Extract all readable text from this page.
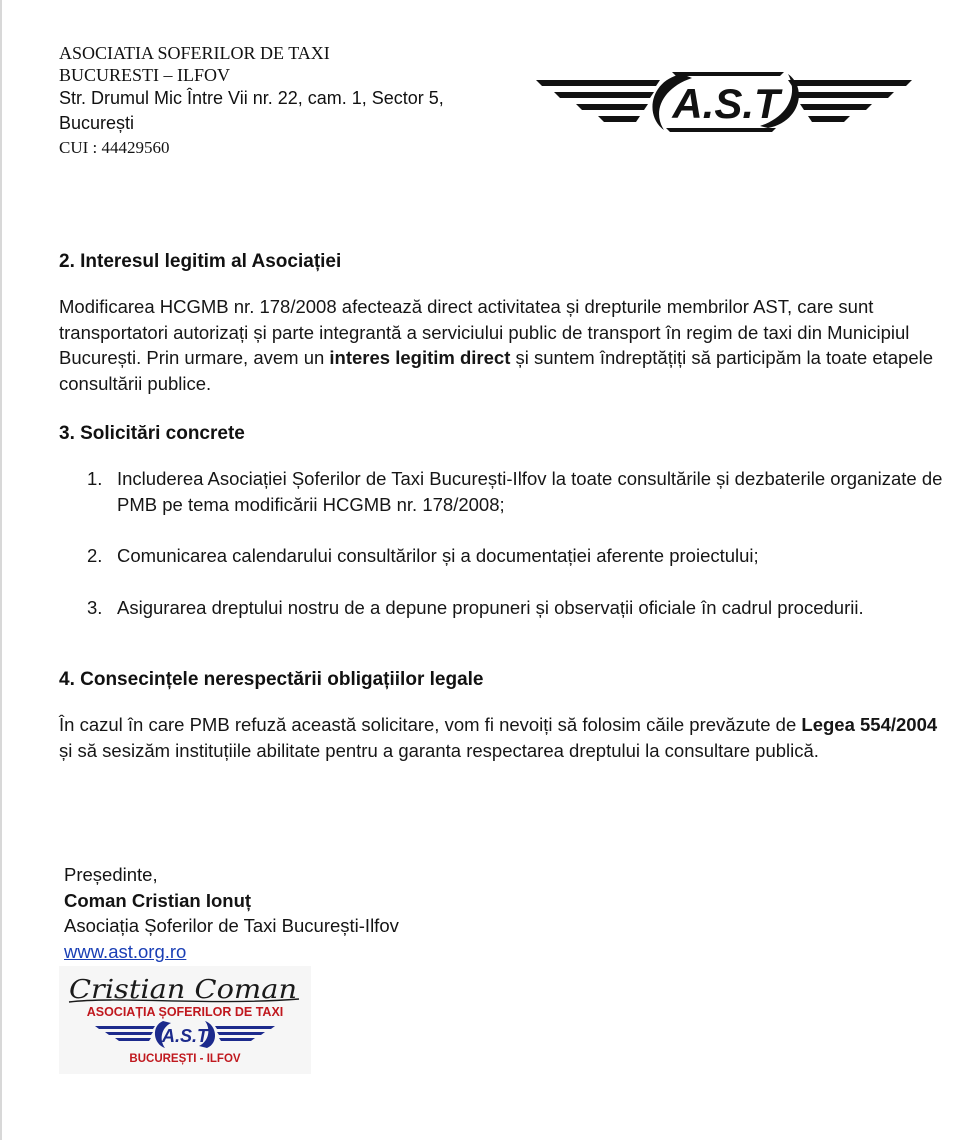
ASOCIATIA SOFERILOR DE TAXI
BUCURESTI – ILFOV
Str. Drumul Mic Între Vii nr. 22, cam. 1, Sector 5,
București
CUI : 44429560
A.S.T
2. Interesul legitim al Asociației

Modificarea HCGMB nr. 178/2008 afectează direct activitatea și drepturile membrilor AST, care sunt transportatori autorizați și parte integrantă a serviciului public de transport în regim de taxi din Municipiul București. Prin urmare, avem un interes legitim direct și suntem îndreptățiți să participăm la toate etapele consultării publice.

3. Solicitări concrete
1. Includerea Asociației Șoferilor de Taxi București-Ilfov la toate consultările și dezbaterile organizate de PMB pe tema modificării HCGMB nr. 178/2008;
2. Comunicarea calendarului consultărilor și a documentației aferente proiectului;
3. Asigurarea dreptului nostru de a depune propuneri și observații oficiale în cadrul procedurii.
4. Consecințele nerespectării obligațiilor legale

În cazul în care PMB refuză această solicitare, vom fi nevoiți să folosim căile prevăzute de Legea 554/2004 și să sesizăm instituțiile abilitate pentru a garanta respectarea dreptului la consultare publică.

Președinte,
Coman Cristian Ionuț
Asociația Șoferilor de Taxi București-Ilfov
www.ast.org.ro
Cristian Coman
ASOCIAȚIA ȘOFERILOR DE TAXI
A.S.T
BUCUREȘTI - ILFOV
